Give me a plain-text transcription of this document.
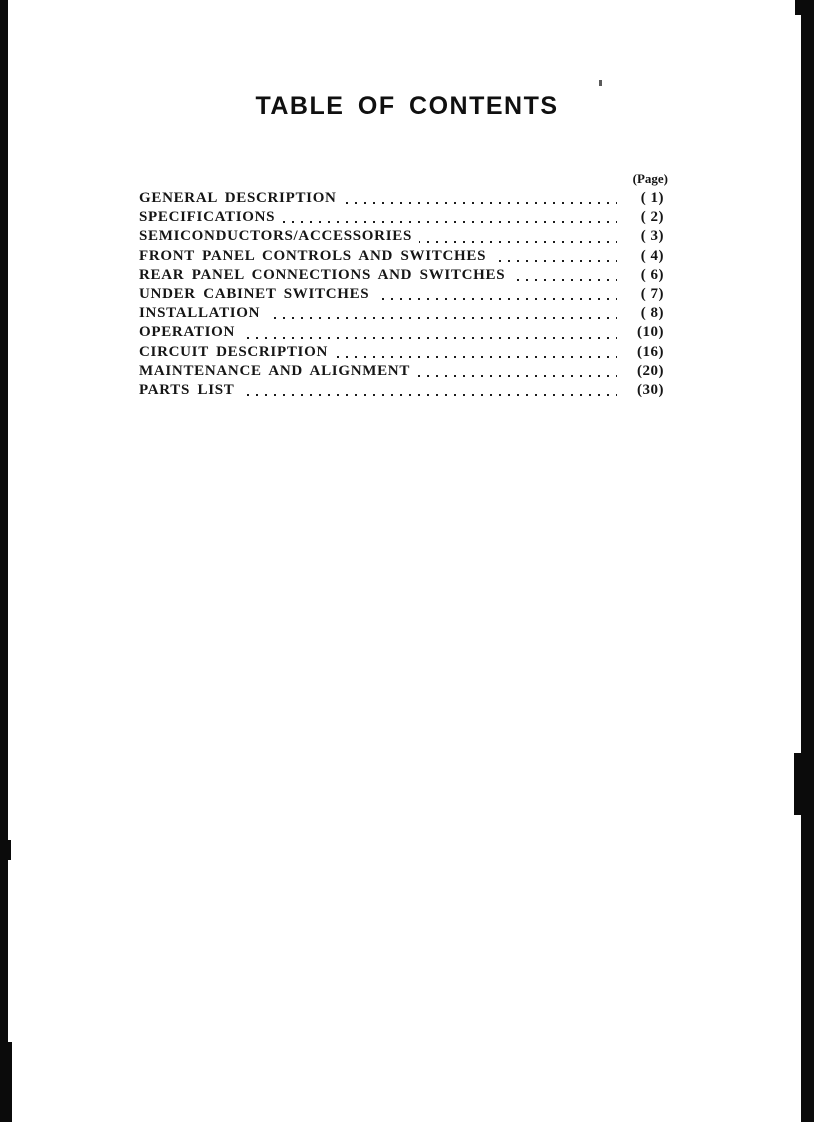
TABLE OF CONTENTS
(Page)
GENERAL DESCRIPTION	( 1)
SPECIFICATIONS	( 2)
SEMICONDUCTORS/ACCESSORIES	( 3)
FRONT PANEL CONTROLS AND SWITCHES	( 4)
REAR PANEL CONNECTIONS AND SWITCHES	( 6)
UNDER CABINET SWITCHES	( 7)
INSTALLATION	( 8)
OPERATION	(10)
CIRCUIT DESCRIPTION	(16)
MAINTENANCE AND ALIGNMENT	(20)
PARTS LIST	(30)
